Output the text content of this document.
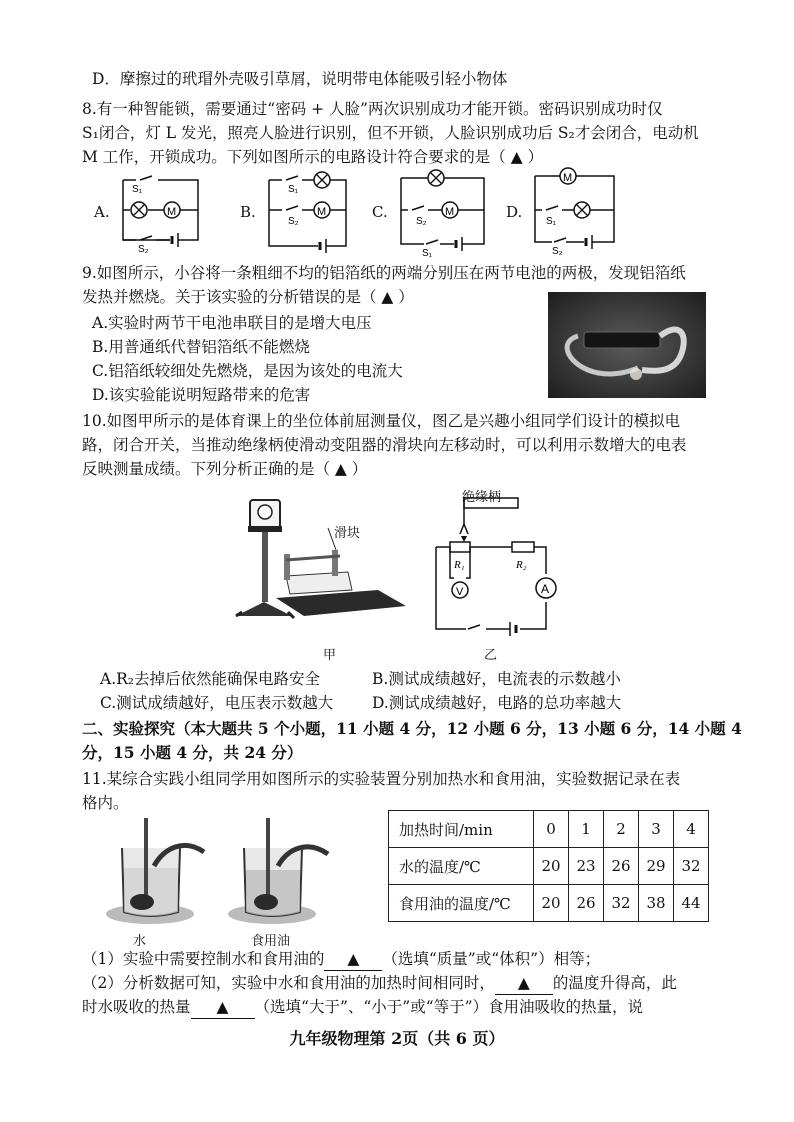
D．摩擦过的玳瑁外壳吸引草屑，说明带电体能吸引轻小物体
8.有一种智能锁，需要通过“密码 + 人脸”两次识别成功才能开锁。密码识别成功时仅
S₁闭合，灯 L 发光，照亮人脸进行识别，但不开锁，人脸识别成功后 S₂才会闭合，电动机
M 工作，开锁成功。下列如图所示的电路设计符合要求的是（ ▲ ）
A.	M
S₁
S₂
B.	M
S₁
S₂
C.	M
S₂
S₁
D.
M
S₁
S₂
9.如图所示，小谷将一条粗细不均的铝箔纸的两端分别压在两节电池的两极，发现铝箔纸
发热并燃烧。关于该实验的分析错误的是（ ▲ ）
A.实验时两节干电池串联目的是增大电压
B.用普通纸代替铝箔纸不能燃烧
C.铝箔纸较细处先燃烧，是因为该处的电流大
D.该实验能说明短路带来的危害
10.如图甲所示的是体育课上的坐位体前屈测量仪，图乙是兴趣小组同学们设计的模拟电
路，闭合开关，当推动绝缘柄使滑动变阻器的滑块向左移动时，可以利用示数增大的电表
反映测量成绩。下列分析正确的是（ ▲ ）
滑块
甲
V	A
R₁	R₂
绝缘柄
乙
A.R₂去掉后依然能确保电路安全	B.测试成绩越好，电流表的示数越小
C.测试成绩越好，电压表示数越大	D.测试成绩越好，电路的总功率越大
二、实验探究（本大题共 5 个小题，11 小题 4 分，12 小题 6 分，13 小题 6 分，14 小题 4
分，15 小题 4 分，共 24 分）
11.某综合实践小组同学用如图所示的实验装置分别加热水和食用油，实验数据记录在表
格内。
水	食用油
加热时间/min	0	1	2	3	4
水的温度/℃	20	23	26	29	32
食用油的温度/℃	20	26	32	38	44
（1）实验中需要控制水和食用油的 ▲ （选填“质量”或“体积”）相等；
（2）分析数据可知，实验中水和食用油的加热时间相同时， ▲ 的温度升得高，此
时水吸收的热量 ▲ （选填“大于”、“小于”或“等于”）食用油吸收的热量，说
九年级物理第 2页（共 6 页）
